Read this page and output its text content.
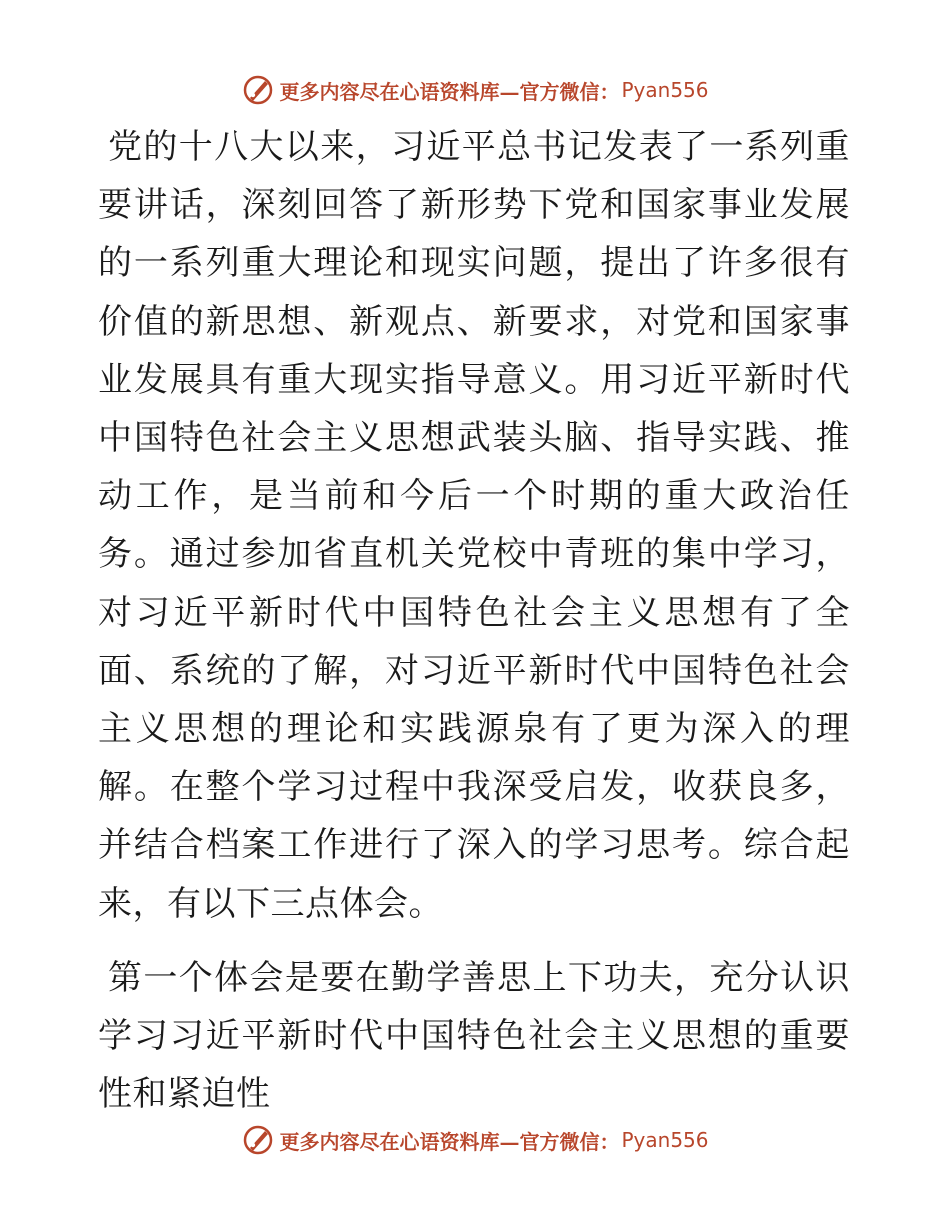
更多内容尽在心语资料库—官方微信： Pyan556

党的十八大以来，习近平总书记发表了一系列重要讲话，深刻回答了新形势下党和国家事业发展的一系列重大理论和现实问题，提出了许多很有价值的新思想、新观点、新要求，对党和国家事业发展具有重大现实指导意义。用习近平新时代中国特色社会主义思想武装头脑、指导实践、推动工作，是当前和今后一个时期的重大政治任务。通过参加省直机关党校中青班的集中学习，对习近平新时代中国特色社会主义思想有了全面、系统的了解，对习近平新时代中国特色社会主义思想的理论和实践源泉有了更为深入的理解。在整个学习过程中我深受启发，收获良多，并结合档案工作进行了深入的学习思考。综合起来，有以下三点体会。

第一个体会是要在勤学善思上下功夫，充分认识学习习近平新时代中国特色社会主义思想的重要性和紧迫性

更多内容尽在心语资料库—官方微信： Pyan556
